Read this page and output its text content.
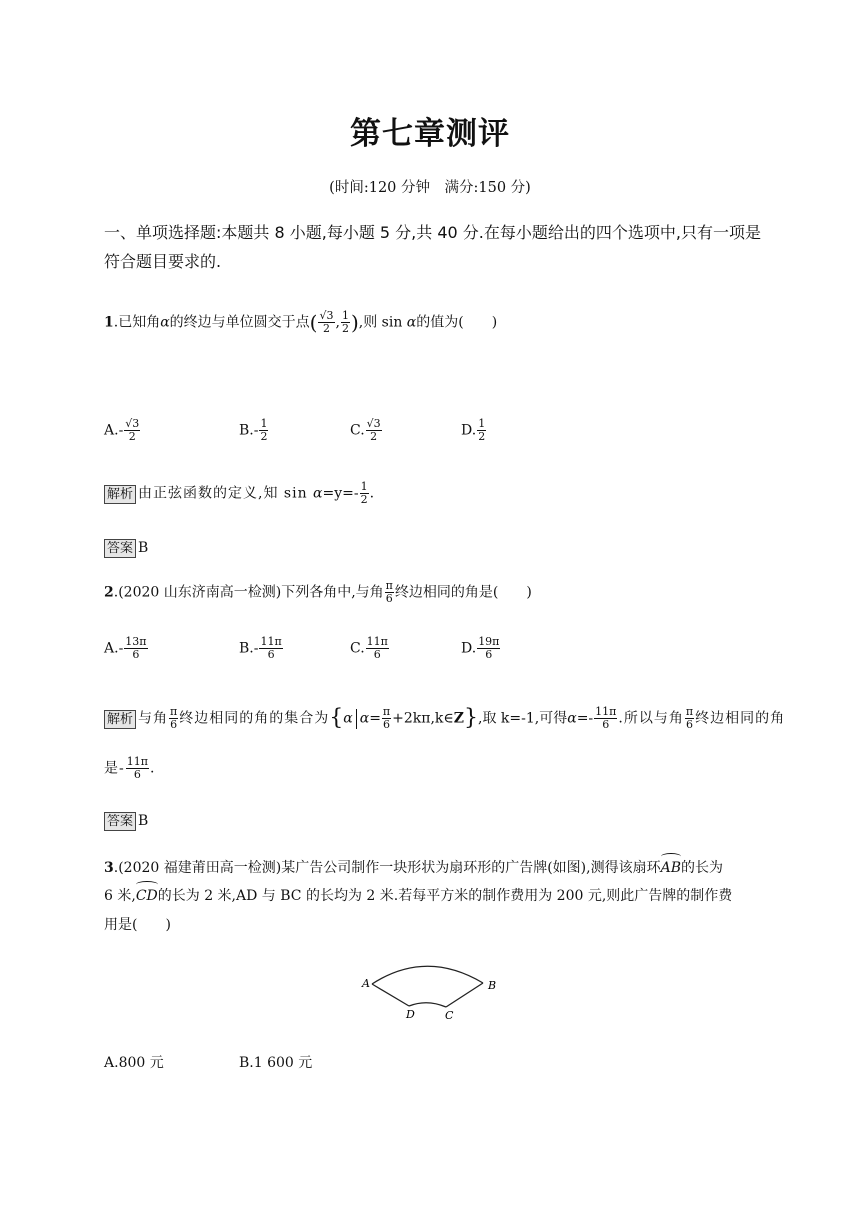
第七章测评
(时间:120 分钟　满分:150 分)
一、单项选择题:本题共 8 小题,每小题 5 分,共 40 分.在每小题给出的四个选项中,只有一项是符合题目要求的.
1.已知角α的终边与单位圆交于点( $\frac{√3}{2}$ , $\frac{1}{2}$ ),则 sin α的值为(　　)
$A.- \frac{√3}{2}$	$B.- \frac{1}{2}$	C. $\frac{√3}{2}$	D. $\frac{1}{2}$
解析 由正弦函数的定义,知 $\sin \alpha=y=- \frac{1}{2}$ .
答案 B
2.(2020 山东济南高一检测)下列各角中,与角 $\frac{\pi}{6}$ 终边相同的角是(　　)
$A.- \frac{13\pi}{6}$	$B.- \frac{11\pi}{6}$	C. $\frac{11\pi}{6}$	D. $\frac{19\pi}{6}$
解析 与角 $\frac{\pi}{6}$ 终边相同的角的集合为{α $\alpha= \frac{\pi}{6}$ +2kπ,k∈Z},取 k=-1,可得$\alpha=- \frac{11\pi}{6}$ .所以与角 $\frac{\pi}{6}$ 终边相同的角
是- $\frac{11\pi}{6}$ .
答案 B
3.(2020 福建莆田高一检测)某广告公司制作一块形状为扇环形的广告牌(如图),测得该扇环AB的长为
6 米,CD的长为 2 米,AD 与 BC 的长均为 2 米.若每平方米的制作费用为 200 元,则此广告牌的制作费
用是(　　)
A	B
C
D
A.800 元	B.1 600 元
